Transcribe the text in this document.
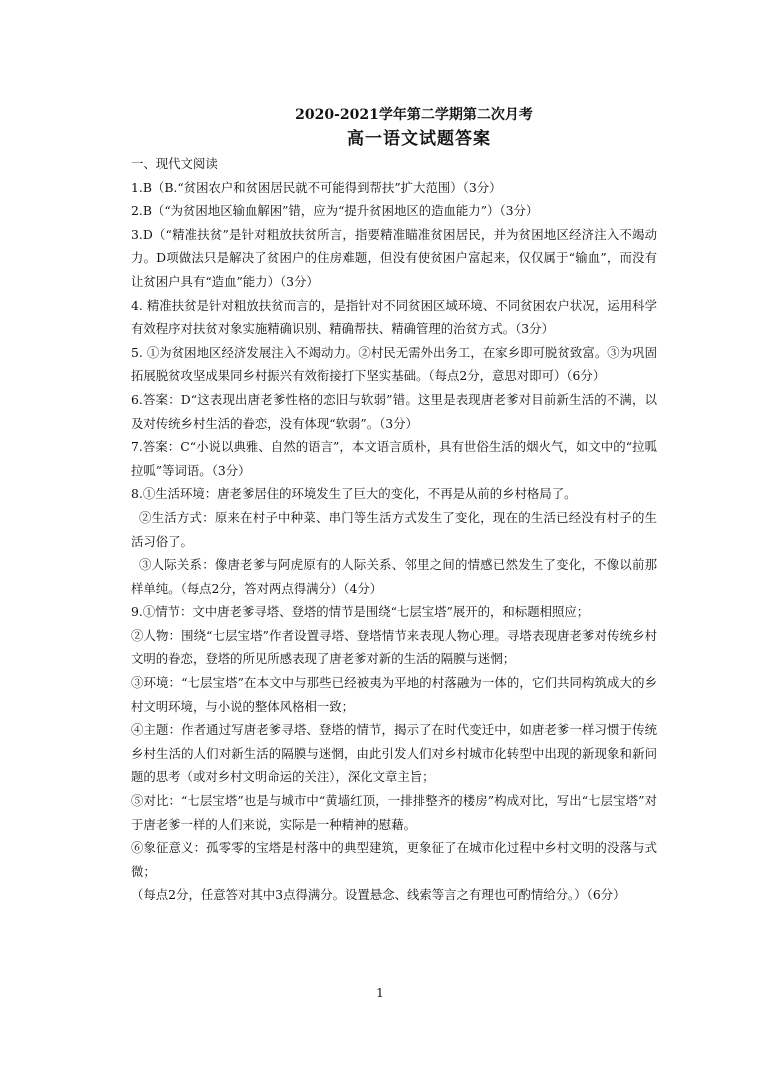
2020-2021学年第二学期第二次月考

高一语文试题答案

一、现代文阅读

1.B（B.“贫困农户和贫困居民就不可能得到帮扶”扩大范围）（3分）

2.B（“为贫困地区输血解困”错，应为“提升贫困地区的造血能力”）（3分）

3.D（“精准扶贫”是针对粗放扶贫所言，指要精准瞄准贫困居民，并为贫困地区经济注入不竭动力。D项做法只是解决了贫困户的住房难题，但没有使贫困户富起来，仅仅属于“输血”，而没有让贫困户具有“造血”能力）（3分）

4. 精准扶贫是针对粗放扶贫而言的，是指针对不同贫困区域环境、不同贫困农户状况，运用科学有效程序对扶贫对象实施精确识别、精确帮扶、精确管理的治贫方式。（3分）

5. ①为贫困地区经济发展注入不竭动力。②村民无需外出务工，在家乡即可脱贫致富。③为巩固拓展脱贫攻坚成果同乡村振兴有效衔接打下坚实基础。（每点2分，意思对即可）（6分）

6.答案：D“这表现出唐老爹性格的恋旧与软弱”错。这里是表现唐老爹对目前新生活的不满，以及对传统乡村生活的眷恋，没有体现“软弱”。（3分）

7.答案：C“小说以典雅、自然的语言”，本文语言质朴，具有世俗生活的烟火气，如文中的“拉呱拉呱”等词语。（3分）

8.①生活环境：唐老爹居住的环境发生了巨大的变化，不再是从前的乡村格局了。

②生活方式：原来在村子中种菜、串门等生活方式发生了变化，现在的生活已经没有村子的生活习俗了。

③人际关系：像唐老爹与阿虎原有的人际关系、邻里之间的情感已然发生了变化，不像以前那样单纯。（每点2分，答对两点得满分）（4分）

9.①情节：文中唐老爹寻塔、登塔的情节是围绕“七层宝塔”展开的，和标题相照应；

②人物：围绕“七层宝塔”作者设置寻塔、登塔情节来表现人物心理。寻塔表现唐老爹对传统乡村文明的眷恋，登塔的所见所感表现了唐老爹对新的生活的隔膜与迷惘；

③环境：“七层宝塔”在本文中与那些已经被夷为平地的村落融为一体的，它们共同构筑成大的乡村文明环境，与小说的整体风格相一致；

④主题：作者通过写唐老爹寻塔、登塔的情节，揭示了在时代变迁中，如唐老爹一样习惯于传统乡村生活的人们对新生活的隔膜与迷惘，由此引发人们对乡村城市化转型中出现的新现象和新问题的思考（或对乡村文明命运的关注），深化文章主旨；

⑤对比：“七层宝塔”也是与城市中“黄墙红顶，一排排整齐的楼房”构成对比，写出“七层宝塔”对于唐老爹一样的人们来说，实际是一种精神的慰藉。

⑥象征意义：孤零零的宝塔是村落中的典型建筑，更象征了在城市化过程中乡村文明的没落与式微；

（每点2分，任意答对其中3点得满分。设置悬念、线索等言之有理也可酌情给分。）（6分）

1
